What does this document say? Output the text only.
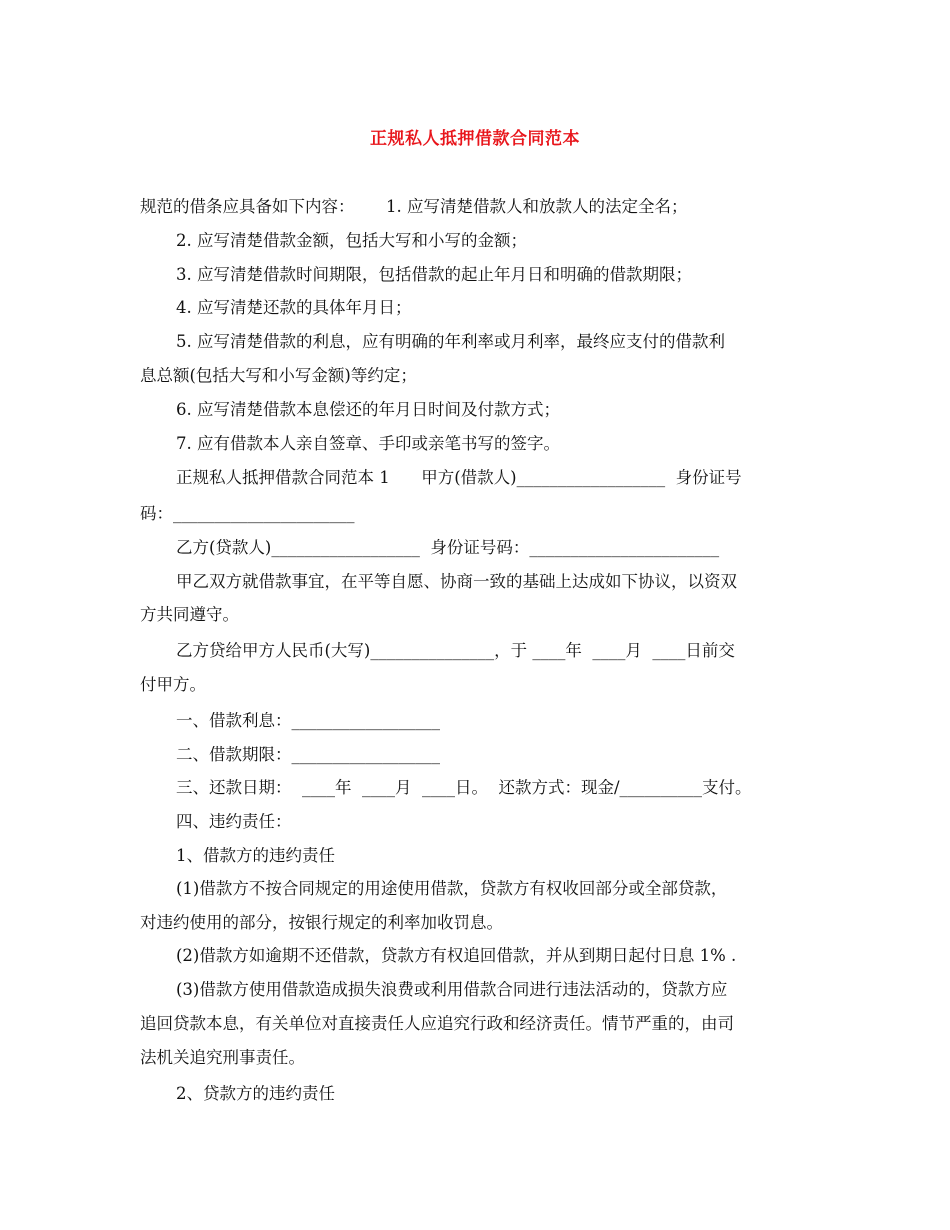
正规私人抵押借款合同范本
规范的借条应具备如下内容：      1. 应写清楚借款人和放款人的法定全名；
2. 应写清楚借款金额，包括大写和小写的金额；
3. 应写清楚借款时间期限，包括借款的起止年月日和明确的借款期限；
4. 应写清楚还款的具体年月日；
5. 应写清楚借款的利息，应有明确的年利率或月利率，最终应支付的借款利
息总额(包括大写和小写金额)等约定；
6. 应写清楚借款本息偿还的年月日时间及付款方式；
7. 应有借款本人亲自签章、手印或亲笔书写的签字。
正规私人抵押借款合同范本 1      甲方(借款人)__________________  身份证号
码：______________________
乙方(贷款人)__________________  身份证号码：_______________________
甲乙双方就借款事宜，在平等自愿、协商一致的基础上达成如下协议，以资双
方共同遵守。
乙方贷给甲方人民币(大写)_______________，于 ____年  ____月  ____日前交
付甲方。
一、借款利息：__________________
二、借款期限：__________________
三、还款日期：  ____年  ____月  ____日。  还款方式：现金/__________支付。
四、违约责任：
1、借款方的违约责任
(1)借款方不按合同规定的用途使用借款，贷款方有权收回部分或全部贷款，
对违约使用的部分，按银行规定的利率加收罚息。
(2)借款方如逾期不还借款，贷款方有权追回借款，并从到期日起付日息 1% .
(3)借款方使用借款造成损失浪费或利用借款合同进行违法活动的，贷款方应
追回贷款本息，有关单位对直接责任人应追究行政和经济责任。情节严重的，由司
法机关追究刑事责任。
2、贷款方的违约责任
